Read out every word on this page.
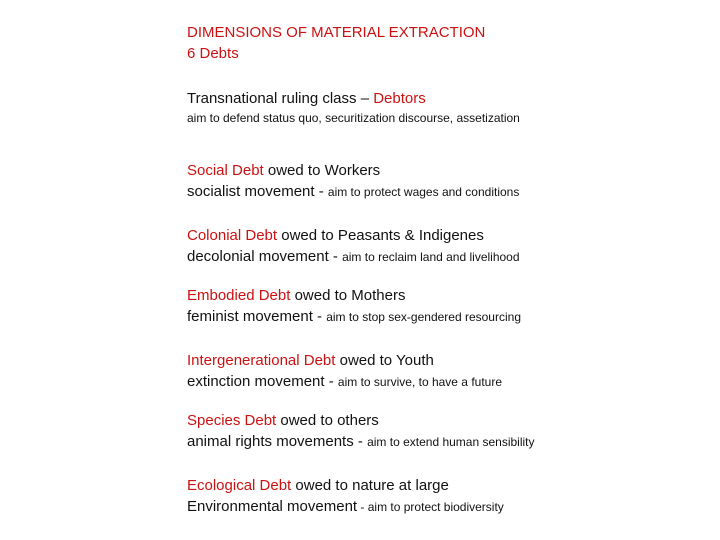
DIMENSIONS OF MATERIAL EXTRACTION
6 Debts
Transnational ruling class – Debtors
aim to defend status quo, securitization discourse, assetization
Social Debt owed to Workers
socialist movement - aim to protect wages and conditions
Colonial Debt owed to Peasants & Indigenes
decolonial movement - aim to reclaim land and livelihood
Embodied Debt owed to Mothers
feminist movement - aim to stop sex-gendered resourcing
Intergenerational Debt owed to Youth
extinction movement - aim to survive, to have a future
Species Debt owed to others
animal rights movements - aim to extend human sensibility
Ecological Debt owed to nature at large
Environmental movement - aim to protect biodiversity
